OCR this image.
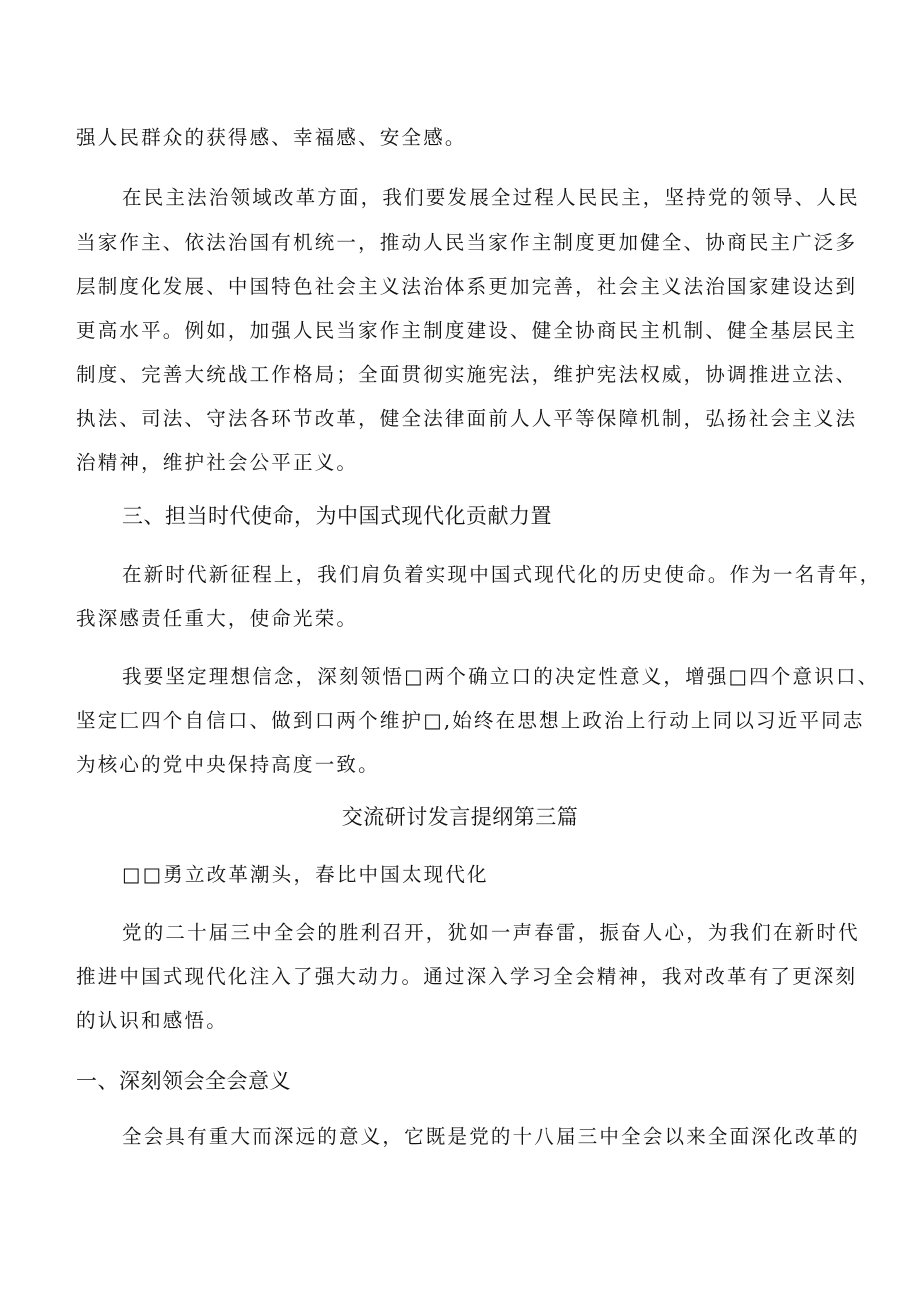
强人民群众的获得感、幸福感、安全感。
在民主法治领域改革方面，我们要发展全过程人民民主，坚持党的领导、人民
当家作主、依法治国有机统一，推动人民当家作主制度更加健全、协商民主广泛多
层制度化发展、中国特色社会主义法治体系更加完善，社会主义法治国家建设达到
更高水平。例如，加强人民当家作主制度建设、健全协商民主机制、健全基层民主
制度、完善大统战工作格局；全面贯彻实施宪法，维护宪法权威，协调推进立法、
执法、司法、守法各环节改革，健全法律面前人人平等保障机制，弘扬社会主义法
治精神，维护社会公平正义。
三、担当时代使命，为中国式现代化贡献力置
在新时代新征程上，我们肩负着实现中国式现代化的历史使命。作为一名青年，
我深感责任重大，使命光荣。
我要坚定理想信念，深刻领悟□两个确立口的决定性意义，增强□四个意识口、
坚定匚四个自信口、做到口两个维护□,始终在思想上政治上行动上同以习近平同志
为核心的党中央保持高度一致。
交流研讨发言提纲第三篇
□□勇立改革潮头，春比中国太现代化
党的二十届三中全会的胜利召开，犹如一声春雷，振奋人心，为我们在新时代
推进中国式现代化注入了强大动力。通过深入学习全会精神，我对改革有了更深刻
的认识和感悟。
一、深刻领会全会意义
全会具有重大而深远的意义，它既是党的十八届三中全会以来全面深化改革的
